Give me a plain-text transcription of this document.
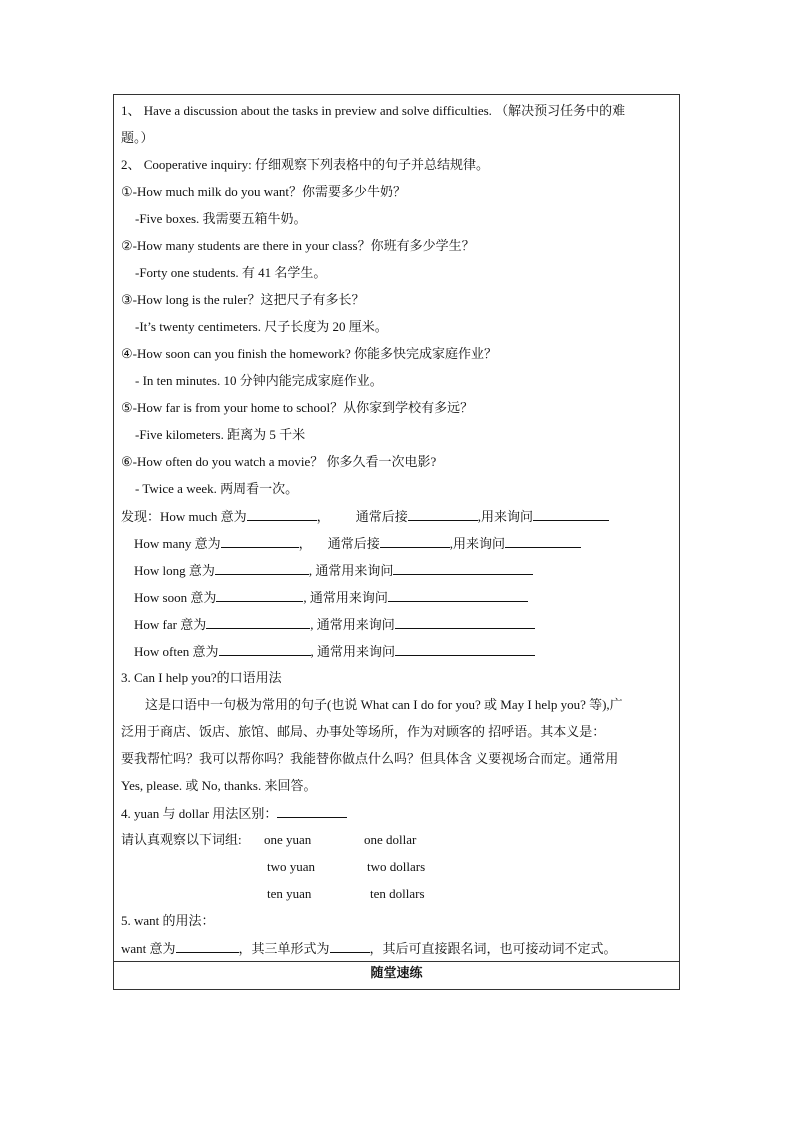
1、 Have a discussion about the tasks in preview and solve difficulties. （解决预习任务中的难
题。）
2、 Cooperative inquiry: 仔细观察下列表格中的句子并总结规律。
①-How much milk do you want？你需要多少牛奶？
-Five boxes. 我需要五箱牛奶。
②-How many students are there in your class？你班有多少学生？
-Forty one students. 有 41 名学生。
③-How long is the ruler？这把尺子有多长？
-It’s twenty centimeters. 尺子长度为 20 厘米。
④-How soon can you finish the homework? 你能多快完成家庭作业？
- In ten minutes. 10 分钟内能完成家庭作业。
⑤-How far is from your home to school？从你家到学校有多远？
-Five kilometers. 距离为 5 千米
⑥-How often do you watch a movie？ 你多久看一次电影?
- Twice a week. 两周看一次。
发现：How much 意为	， 通常后接	,用来询问
How many 意为	， 通常后接	,用来询问
How long 意为	, 通常用来询问
How soon 意为	, 通常用来询问
How far 意为	, 通常用来询问
How often 意为	, 通常用来询问
3. Can I help you?的口语用法
这是口语中一句极为常用的句子(也说 What can I do for you? 或 May I help you? 等),广
泛用于商店、饭店、旅馆、邮局、办事处等场所，作为对顾客的 招呼语。其本义是：
要我帮忙吗？我可以帮你吗？我能替你做点什么吗？但具体含 义要视场合而定。通常用
Yes, please. 或 No, thanks. 来回答。
4. yuan 与 dollar 用法区别：
请认真观察以下词组: one yuan	one dollar
two yuan	two dollars
ten yuan	ten dollars
5. want 的用法：
want 意为	，其三单形式为	，其后可直接跟名词，也可接动词不定式。
随堂速练
